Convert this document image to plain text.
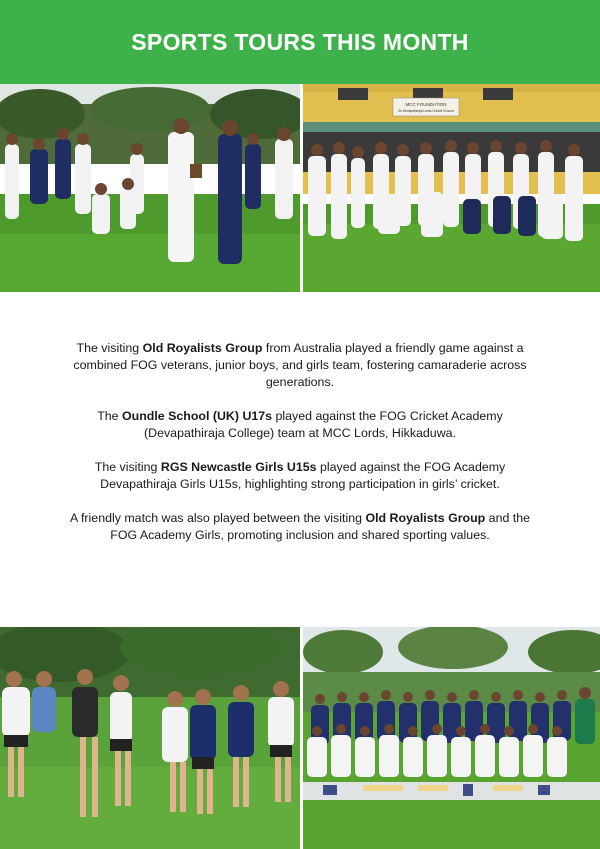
SPORTS TOURS THIS MONTH
MCC FOUNDATION
Sir Devapathiraja Lords Cricket Ground

The visiting Old Royalists Group from Australia played a friendly game against a combined FOG veterans, junior boys, and girls team, fostering camaraderie across generations.

The Oundle School (UK) U17s played against the FOG Cricket Academy (Devapathiraja College) team at MCC Lords, Hikkaduwa.

The visiting RGS Newcastle Girls U15s played against the FOG Academy Devapathiraja Girls U15s, highlighting strong participation in girls’ cricket.

A friendly match was also played between the visiting Old Royalists Group and the FOG Academy Girls, promoting inclusion and shared sporting values.
